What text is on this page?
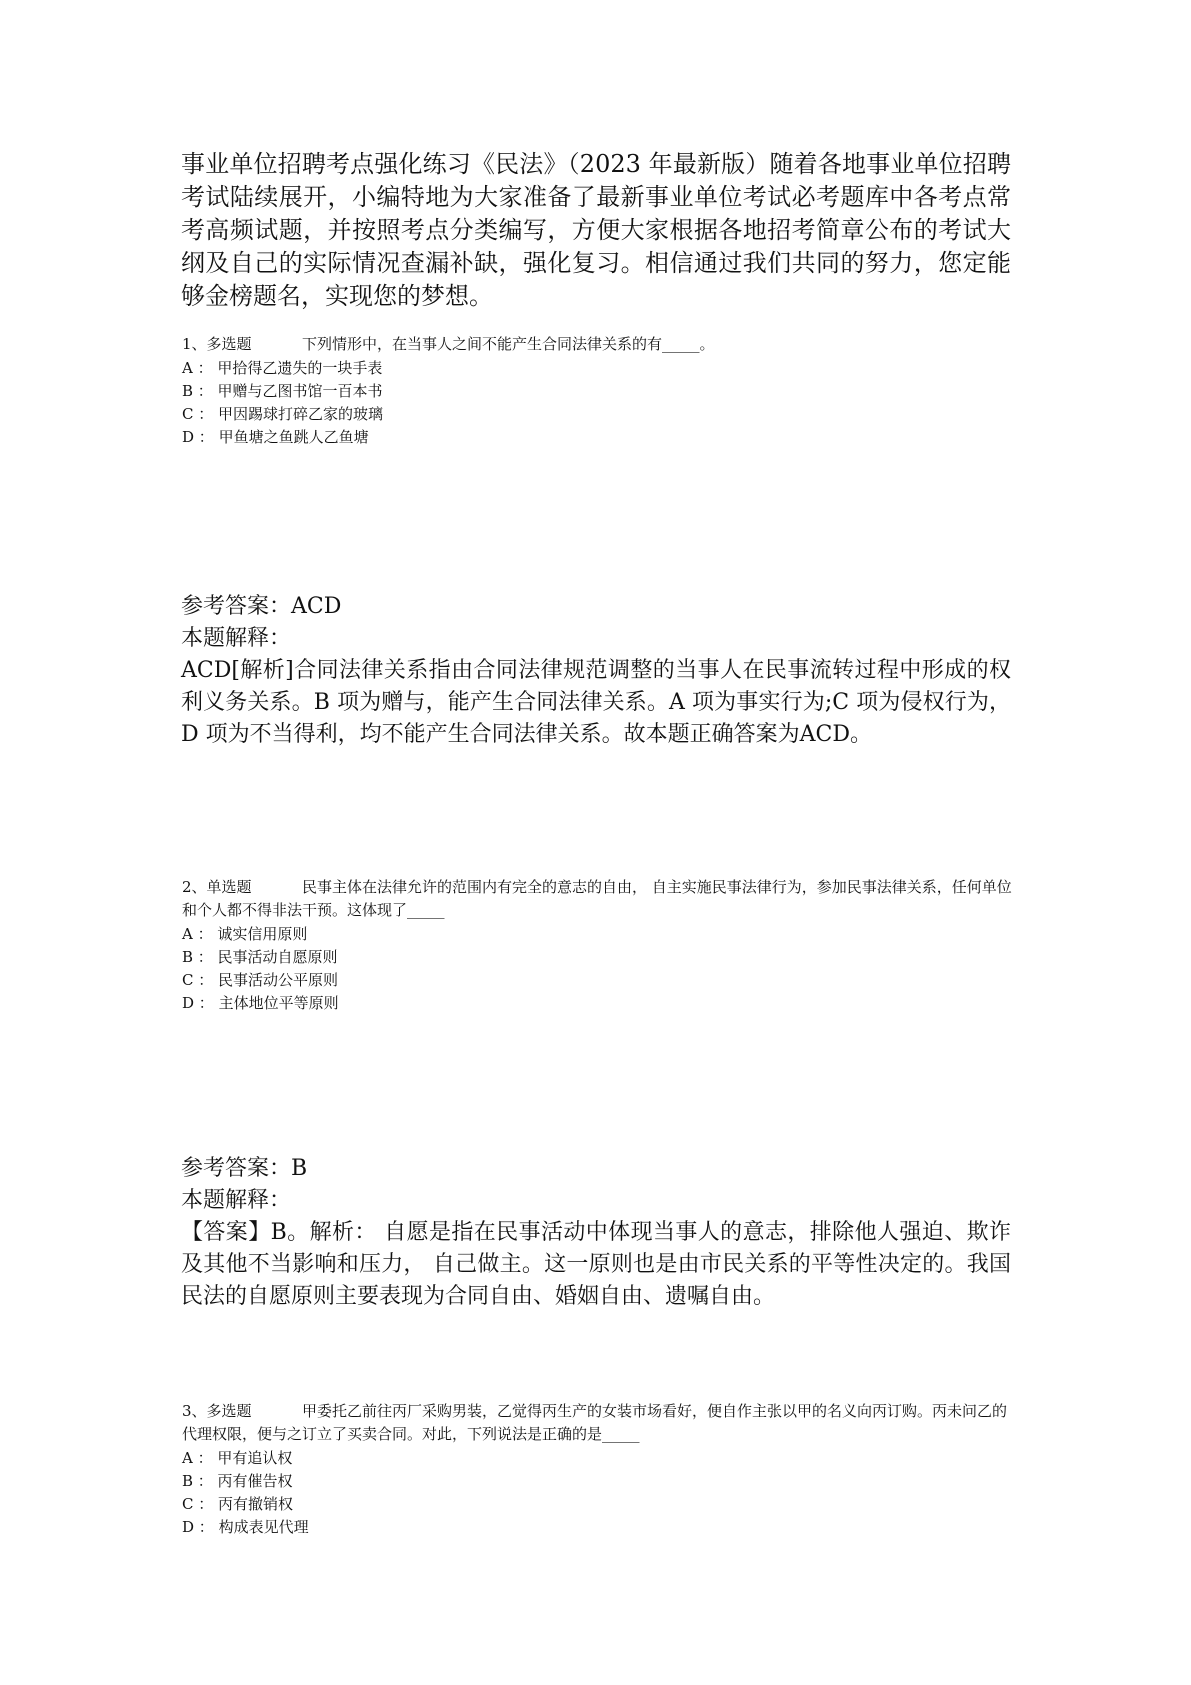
事业单位招聘考点强化练习《民法》（2023 年最新版）随着各地事业单位招聘考试陆续展开，小编特地为大家准备了最新事业单位考试必考题库中各考点常考高频试题，并按照考点分类编写，方便大家根据各地招考简章公布的考试大纲及自己的实际情况查漏补缺，强化复习。相信通过我们共同的努力，您定能够金榜题名，实现您的梦想。
1、多选题	下列情形中，在当事人之间不能产生合同法律关系的有_____。
A ： 甲拾得乙遗失的一块手表
B ： 甲赠与乙图书馆一百本书
C ： 甲因踢球打碎乙家的玻璃
D ： 甲鱼塘之鱼跳人乙鱼塘
参考答案：ACD
本题解释：
ACD[解析]合同法律关系指由合同法律规范调整的当事人在民事流转过程中形成的权利义务关系。B 项为赠与，能产生合同法律关系。A 项为事实行为;C 项为侵权行为，D 项为不当得利，均不能产生合同法律关系。故本题正确答案为ACD。
2、单选题	民事主体在法律允许的范围内有完全的意志的自由， 自主实施民事法律行为，参加民事法律关系，任何单位和个人都不得非法干预。这体现了_____
A ： 诚实信用原则
B ： 民事活动自愿原则
C ： 民事活动公平原则
D ： 主体地位平等原则
参考答案：B
本题解释：
【答案】B。解析： 自愿是指在民事活动中体现当事人的意志，排除他人强迫、欺诈及其他不当影响和压力， 自己做主。这一原则也是由市民关系的平等性决定的。我国民法的自愿原则主要表现为合同自由、婚姻自由、遗嘱自由。
3、多选题	甲委托乙前往丙厂采购男装，乙觉得丙生产的女装市场看好，便自作主张以甲的名义向丙订购。丙未问乙的代理权限，便与之订立了买卖合同。对此，下列说法是正确的是_____
A ： 甲有追认权
B ： 丙有催告权
C ： 丙有撤销权
D ： 构成表见代理
